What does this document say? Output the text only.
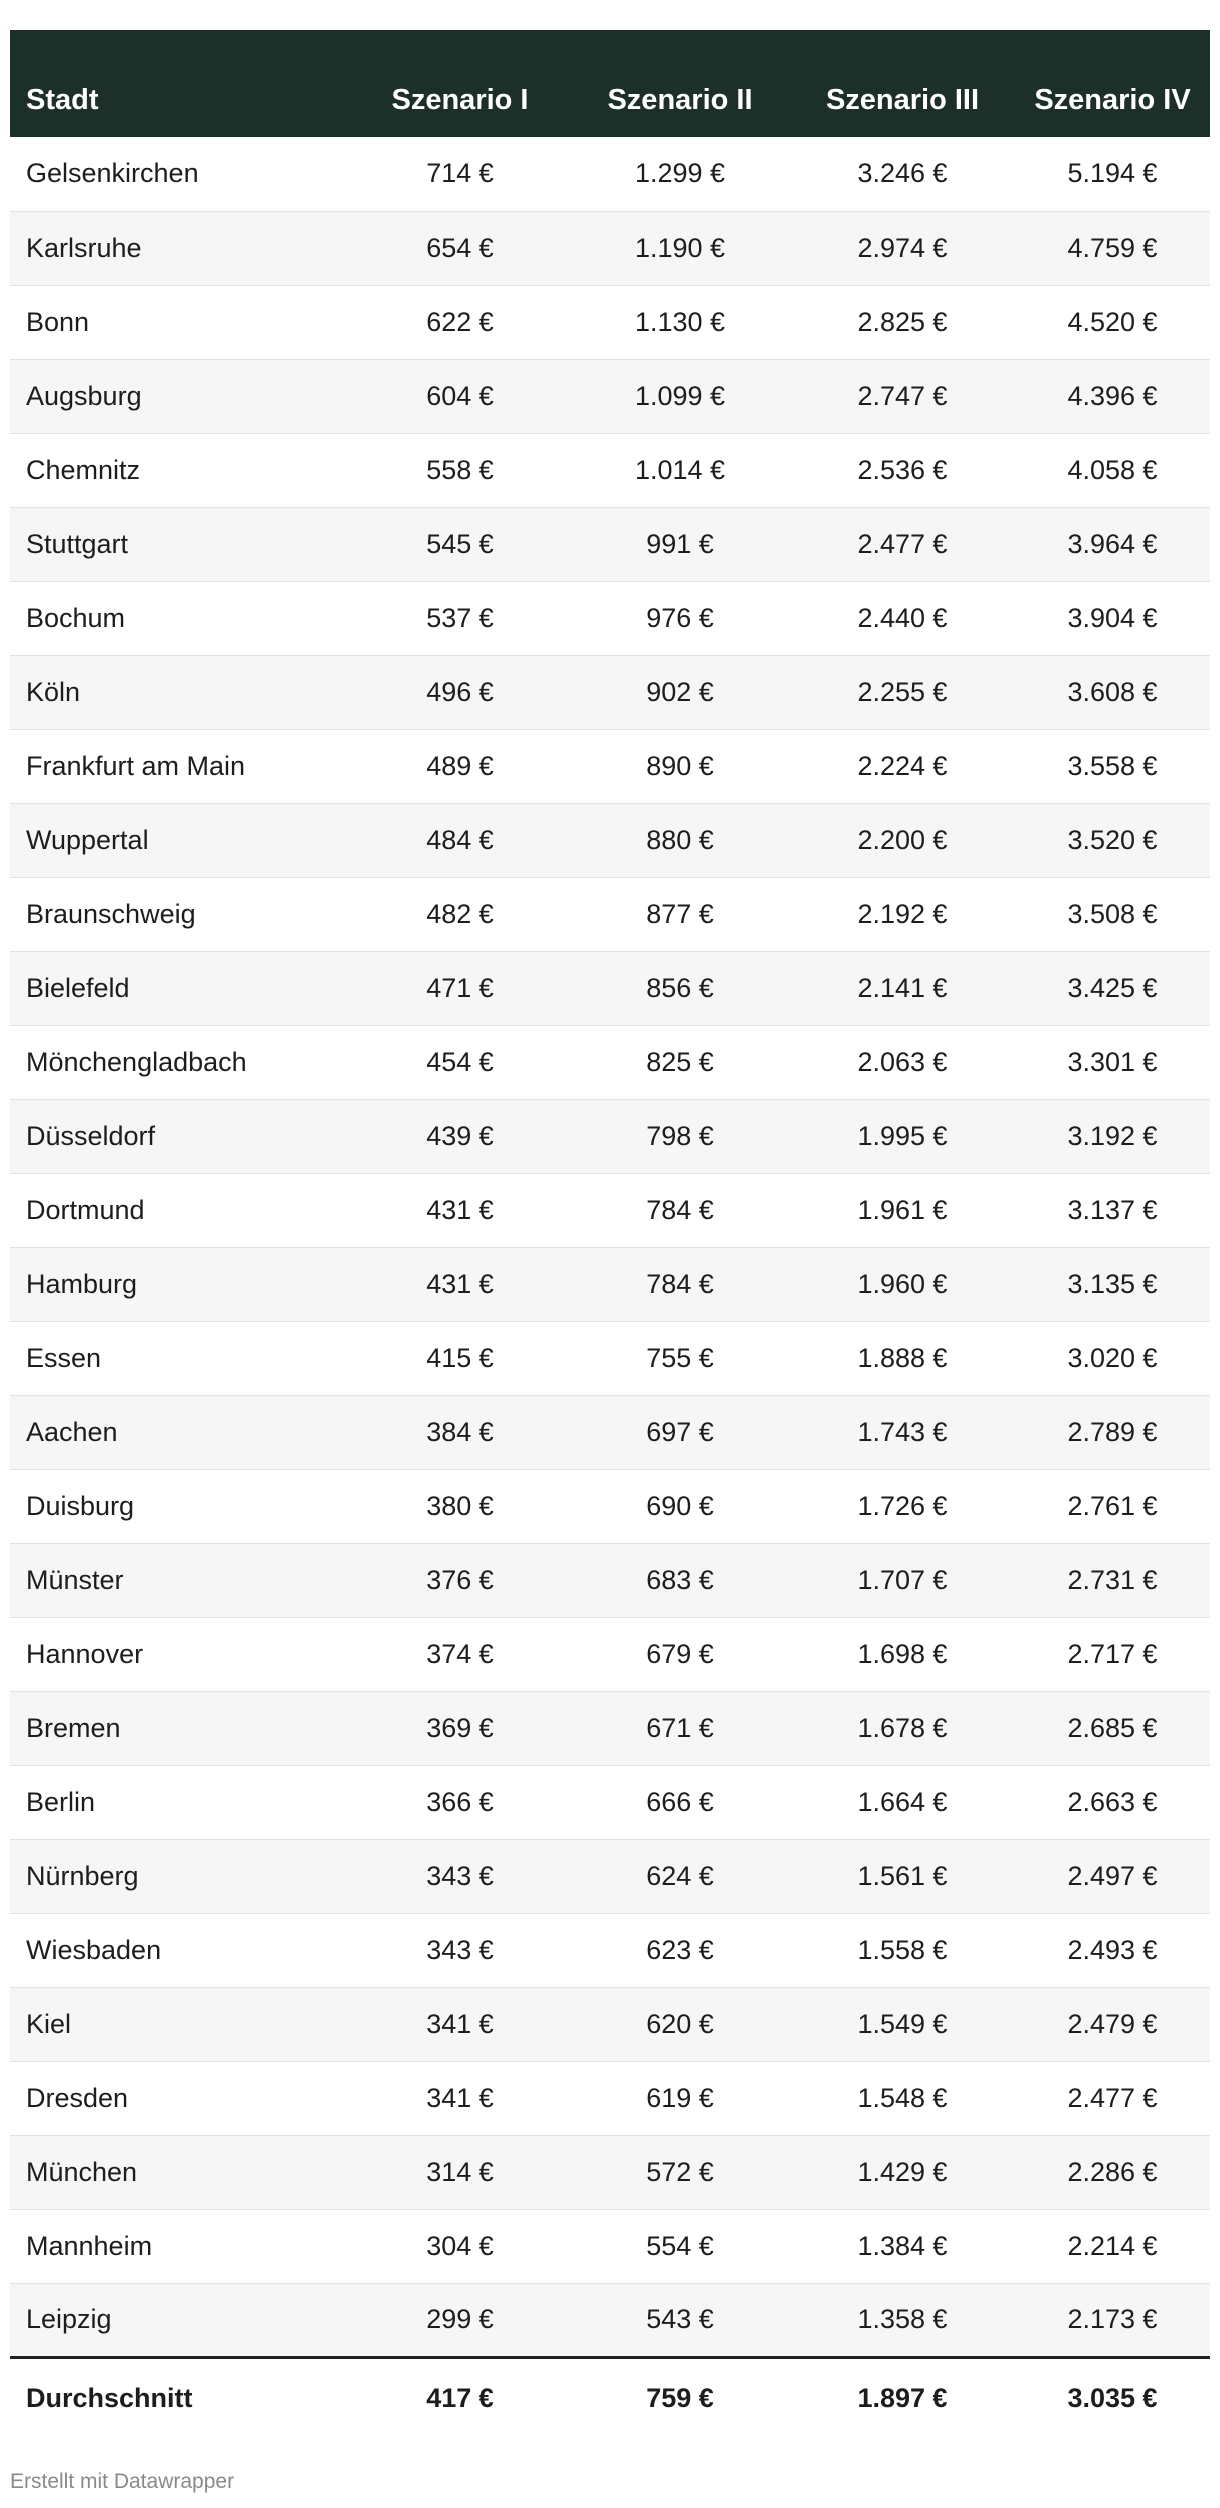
Stadt	Szenario I	Szenario II	Szenario III	Szenario IV
Gelsenkirchen	714 €	1.299 €	3.246 €	5.194 €
Karlsruhe	654 €	1.190 €	2.974 €	4.759 €
Bonn	622 €	1.130 €	2.825 €	4.520 €
Augsburg	604 €	1.099 €	2.747 €	4.396 €
Chemnitz	558 €	1.014 €	2.536 €	4.058 €
Stuttgart	545 €	991 €	2.477 €	3.964 €
Bochum	537 €	976 €	2.440 €	3.904 €
Köln	496 €	902 €	2.255 €	3.608 €
Frankfurt am Main	489 €	890 €	2.224 €	3.558 €
Wuppertal	484 €	880 €	2.200 €	3.520 €
Braunschweig	482 €	877 €	2.192 €	3.508 €
Bielefeld	471 €	856 €	2.141 €	3.425 €
Mönchengladbach	454 €	825 €	2.063 €	3.301 €
Düsseldorf	439 €	798 €	1.995 €	3.192 €
Dortmund	431 €	784 €	1.961 €	3.137 €
Hamburg	431 €	784 €	1.960 €	3.135 €
Essen	415 €	755 €	1.888 €	3.020 €
Aachen	384 €	697 €	1.743 €	2.789 €
Duisburg	380 €	690 €	1.726 €	2.761 €
Münster	376 €	683 €	1.707 €	2.731 €
Hannover	374 €	679 €	1.698 €	2.717 €
Bremen	369 €	671 €	1.678 €	2.685 €
Berlin	366 €	666 €	1.664 €	2.663 €
Nürnberg	343 €	624 €	1.561 €	2.497 €
Wiesbaden	343 €	623 €	1.558 €	2.493 €
Kiel	341 €	620 €	1.549 €	2.479 €
Dresden	341 €	619 €	1.548 €	2.477 €
München	314 €	572 €	1.429 €	2.286 €
Mannheim	304 €	554 €	1.384 €	2.214 €
Leipzig	299 €	543 €	1.358 €	2.173 €
Durchschnitt	417 €	759 €	1.897 €	3.035 €
Erstellt mit Datawrapper
